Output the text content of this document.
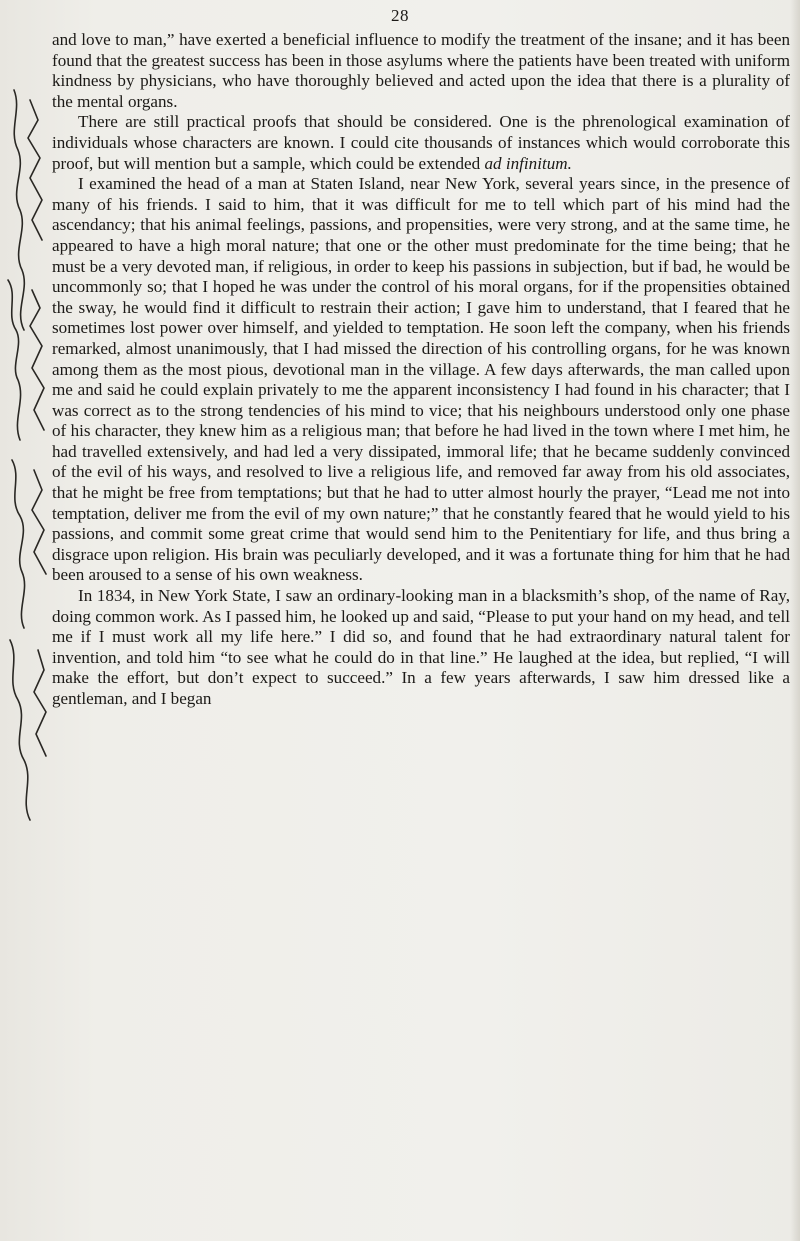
28

and love to man,” have exerted a beneficial influence to modify the treatment of the insane; and it has been found that the greatest success has been in those asylums where the patients have been treated with uniform kindness by physicians, who have thoroughly believed and acted upon the idea that there is a plurality of the mental organs.

There are still practical proofs that should be considered. One is the phrenological examination of individuals whose characters are known. I could cite thousands of instances which would corroborate this proof, but will mention but a sample, which could be extended ad infinitum.

I examined the head of a man at Staten Island, near New York, several years since, in the presence of many of his friends. I said to him, that it was difficult for me to tell which part of his mind had the ascendancy; that his animal feelings, passions, and propensities, were very strong, and at the same time, he appeared to have a high moral nature; that one or the other must predominate for the time being; that he must be a very devoted man, if religious, in order to keep his passions in subjection, but if bad, he would be uncommonly so; that I hoped he was under the control of his moral organs, for if the propensities obtained the sway, he would find it difficult to restrain their action; I gave him to understand, that I feared that he sometimes lost power over himself, and yielded to temptation. He soon left the company, when his friends remarked, almost unanimously, that I had missed the direction of his controlling organs, for he was known among them as the most pious, devotional man in the village. A few days afterwards, the man called upon me and said he could explain privately to me the apparent inconsistency I had found in his character; that I was correct as to the strong tendencies of his mind to vice; that his neighbours understood only one phase of his character, they knew him as a religious man; that before he had lived in the town where I met him, he had travelled extensively, and had led a very dissipated, immoral life; that he became suddenly convinced of the evil of his ways, and resolved to live a religious life, and removed far away from his old associates, that he might be free from temptations; but that he had to utter almost hourly the prayer, “Lead me not into temptation, deliver me from the evil of my own nature;” that he constantly feared that he would yield to his passions, and commit some great crime that would send him to the Penitentiary for life, and thus bring a disgrace upon religion. His brain was peculiarly developed, and it was a fortunate thing for him that he had been aroused to a sense of his own weakness.

In 1834, in New York State, I saw an ordinary-looking man in a blacksmith’s shop, of the name of Ray, doing common work. As I passed him, he looked up and said, “Please to put your hand on my head, and tell me if I must work all my life here.” I did so, and found that he had extraordinary natural talent for invention, and told him “to see what he could do in that line.” He laughed at the idea, but replied, “I will make the effort, but don’t expect to succeed.” In a few years afterwards, I saw him dressed like a gentleman, and I began
